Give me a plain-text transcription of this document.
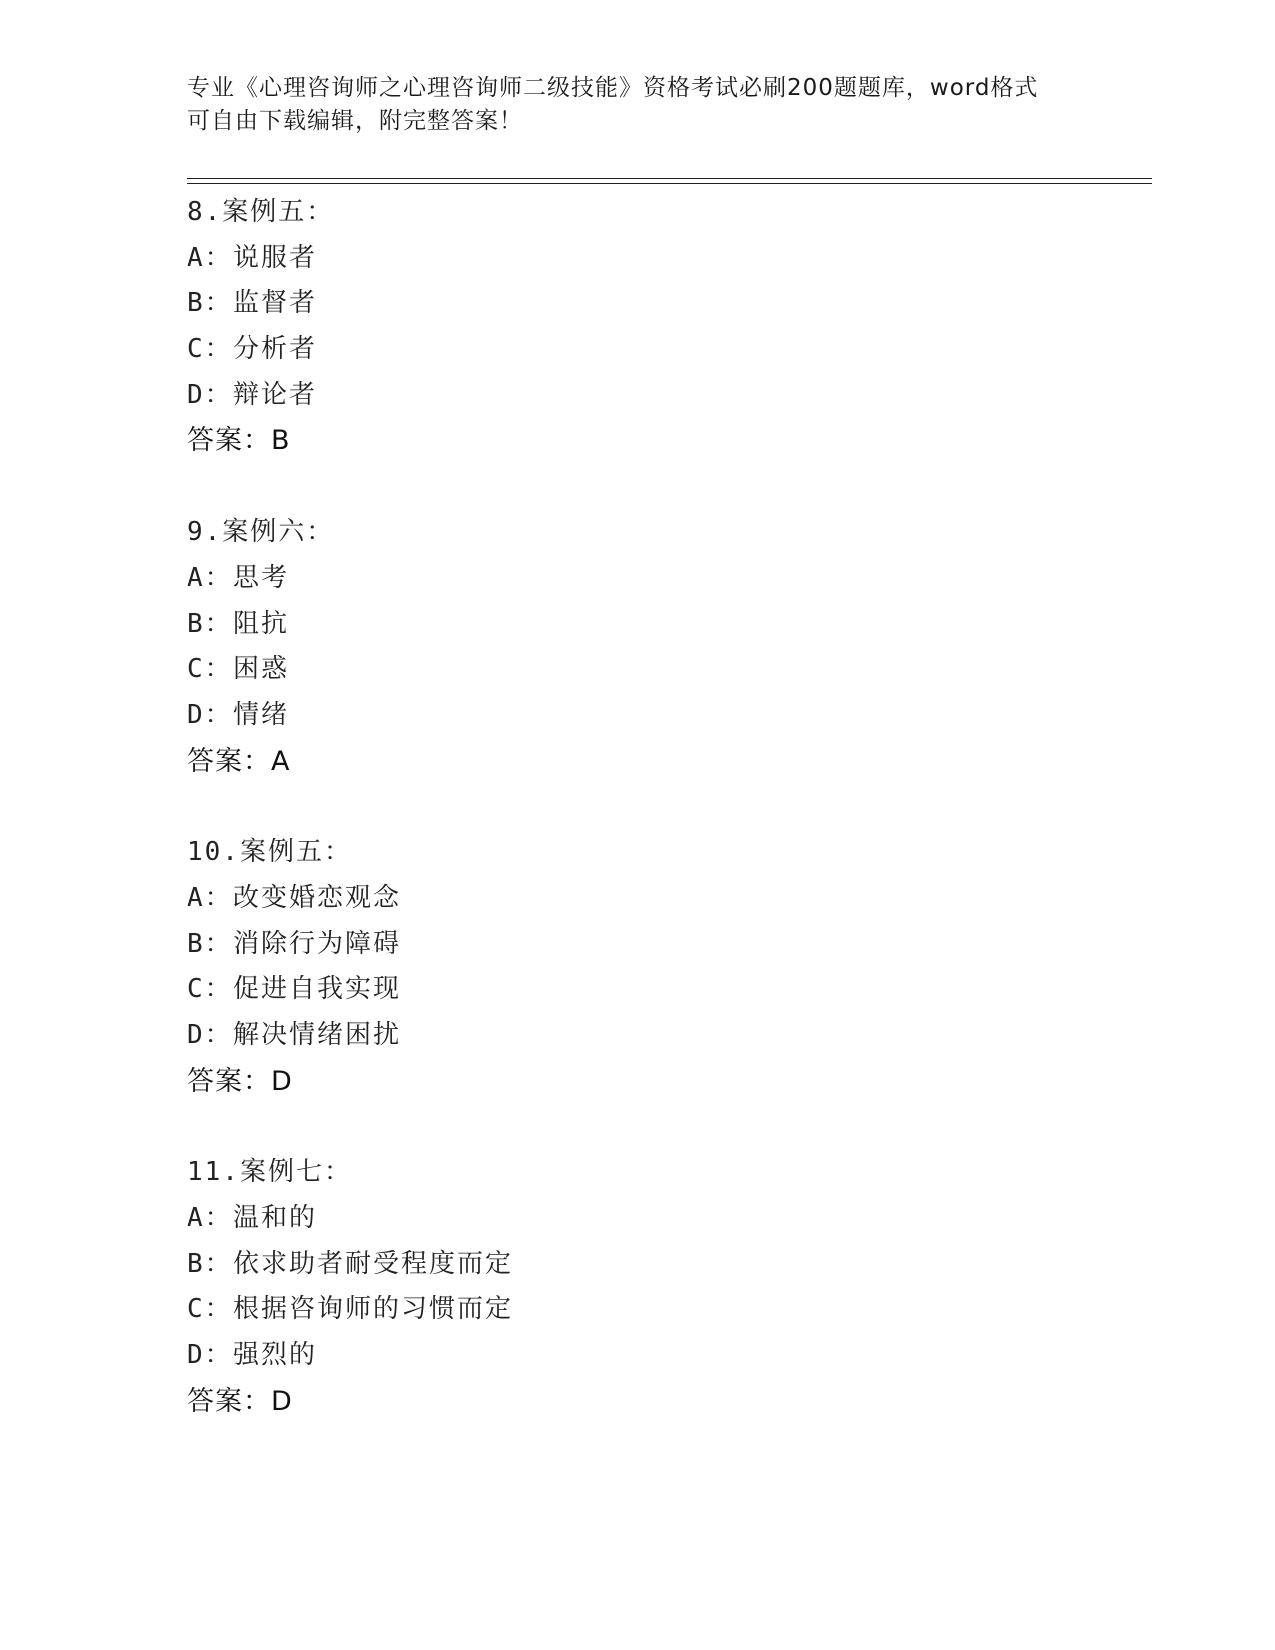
专业《心理咨询师之心理咨询师二级技能》资格考试必刷200题题库，word格式
可自由下载编辑，附完整答案！
8.案例五：
A：说服者
B：监督者
C：分析者
D：辩论者
答案：B
9.案例六：
A：思考
B：阻抗
C：困惑
D：情绪
答案：A
10.案例五：
A：改变婚恋观念
B：消除行为障碍
C：促进自我实现
D：解决情绪困扰
答案：D
11.案例七：
A：温和的
B：依求助者耐受程度而定
C：根据咨询师的习惯而定
D：强烈的
答案：D
